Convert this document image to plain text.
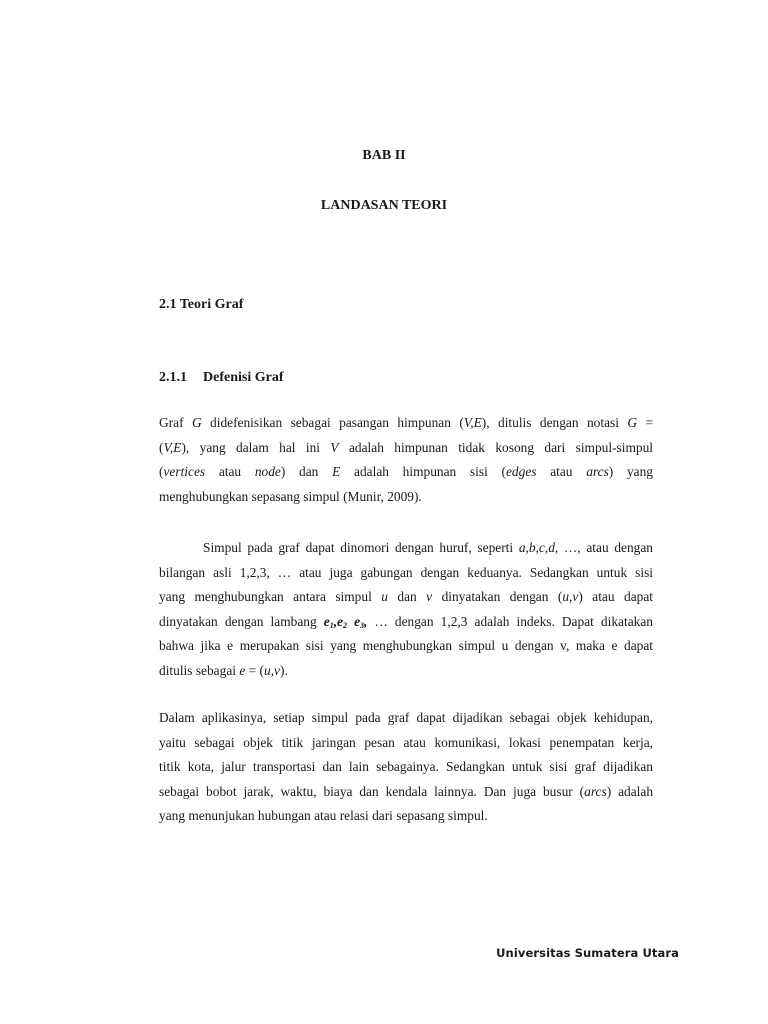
BAB II
LANDASAN TEORI
2.1 Teori Graf
2.1.1 Defenisi Graf
Graf G didefenisikan sebagai pasangan himpunan (V,E), ditulis dengan notasi G =
(V,E), yang dalam hal ini V adalah himpunan tidak kosong dari simpul-simpul
(vertices atau node) dan E adalah himpunan sisi (edges atau arcs) yang
menghubungkan sepasang simpul (Munir, 2009).
Simpul pada graf dapat dinomori dengan huruf, seperti a,b,c,d, …, atau dengan
bilangan asli 1,2,3, … atau juga gabungan dengan keduanya. Sedangkan untuk sisi
yang menghubungkan antara simpul u dan v dinyatakan dengan (u,v) atau dapat
dinyatakan dengan lambang $e_1,e_2$ $e_3$, … dengan 1,2,3 adalah indeks. Dapat dikatakan
bahwa jika e merupakan sisi yang menghubungkan simpul u dengan v, maka e dapat
ditulis sebagai e = (u,v).
Dalam aplikasinya, setiap simpul pada graf dapat dijadikan sebagai objek kehidupan,
yaitu sebagai objek titik jaringan pesan atau komunikasi, lokasi penempatan kerja,
titik kota, jalur transportasi dan lain sebagainya. Sedangkan untuk sisi graf dijadikan
sebagai bobot jarak, waktu, biaya dan kendala lainnya. Dan juga busur (arcs) adalah
yang menunjukan hubungan atau relasi dari sepasang simpul.
Universitas Sumatera Utara
